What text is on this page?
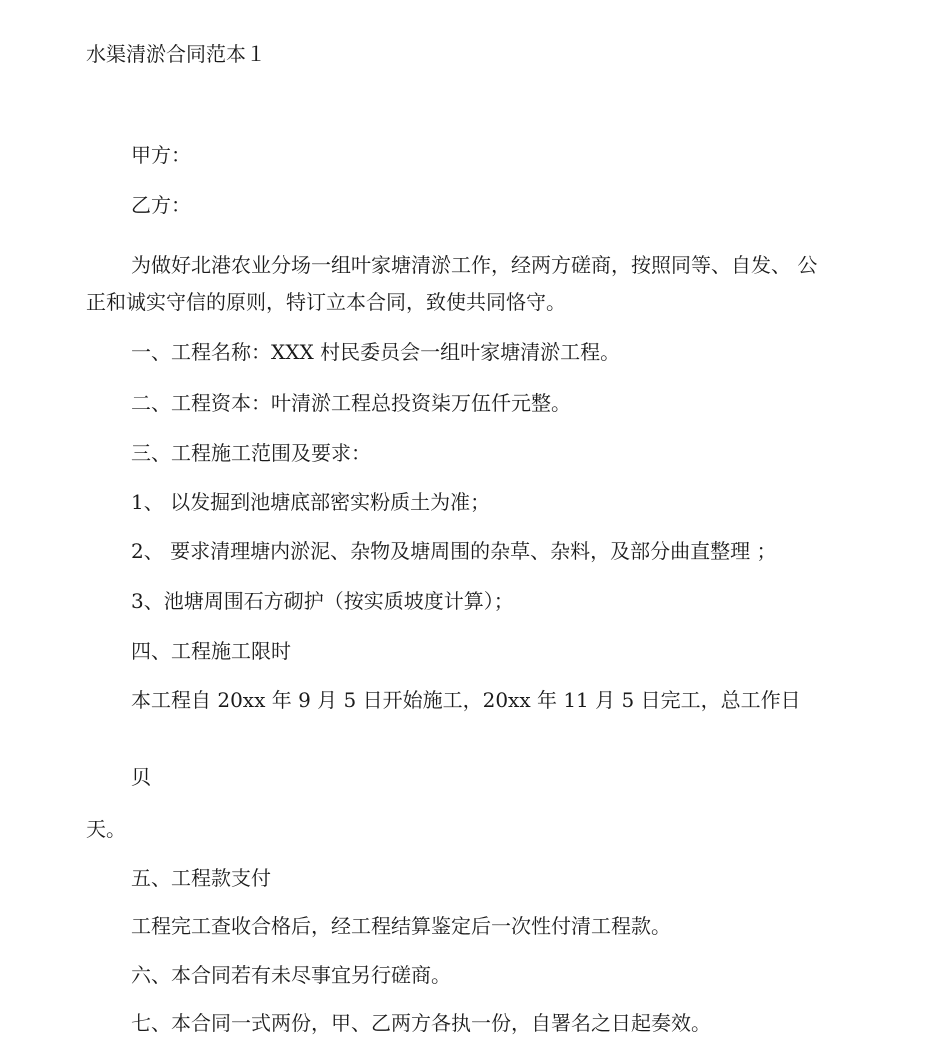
水渠清淤合同范本１
甲方：
乙方：
为做好北港农业分场一组叶家塘清淤工作，经两方磋商，按照同等、自发、 公
正和诚实守信的原则，特订立本合同，致使共同恪守。
一、工程名称：XXX 村民委员会一组叶家塘清淤工程。
二、工程资本：叶清淤工程总投资柒万伍仟元整。
三、工程施工范围及要求：
1、 以发掘到池塘底部密实粉质土为准；
2、 要求清理塘内淤泥、杂物及塘周围的杂草、杂料，及部分曲直整理 ；
3、池塘周围石方砌护（按实质坡度计算）；
四、工程施工限时
本工程自 20xx 年 9 月 5 日开始施工，20xx 年 11 月 5 日完工，总工作日
贝
天。
五、工程款支付
工程完工查收合格后，经工程结算鉴定后一次性付清工程款。
六、本合同若有未尽事宜另行磋商。
七、本合同一式两份，甲、乙两方各执一份，自署名之日起奏效。
